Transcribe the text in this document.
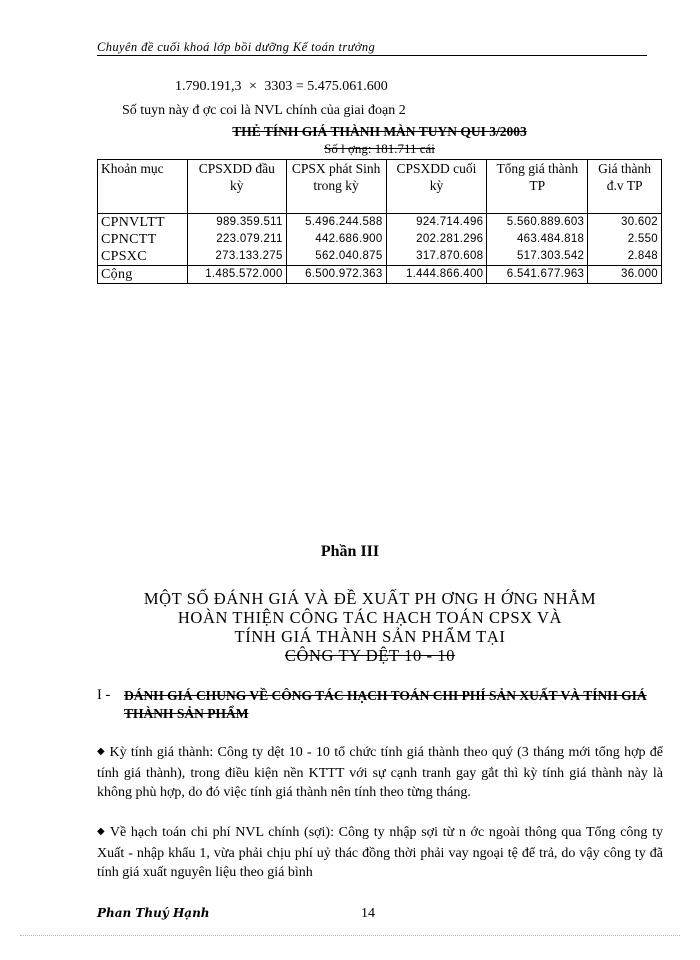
Chuyên đề cuối khoá lớp bồi dưỡng Kế toán trưởng
1.790.191,3 × 3303 = 5.475.061.600
Số tuyn này đ ợc coi là NVL chính của giai đoạn 2
THẺ TÍNH GIÁ THÀNH MÀN TUYN QUI 3/2003
Số l ợng: 181.711 cái
Khoản mục	CPSXDD đầu kỳ	CPSX phát Sinh trong kỳ	CPSXDD cuối kỳ	Tổng giá thành TP	Giá thành đ.v TP
CPNVLTT	989.359.511	5.496.244.588	924.714.496	5.560.889.603	30.602
CPNCTT	223.079.211	442.686.900	202.281.296	463.484.818	2.550
CPSXC	273.133.275	562.040.875	317.870.608	517.303.542	2.848
Cộng	1.485.572.000	6.500.972.363	1.444.866.400	6.541.677.963	36.000
Phần III
MỘT SỐ ĐÁNH GIÁ VÀ ĐỀ XUẤT PH ƠNG H ỚNG NHẰM
HOÀN THIỆN CÔNG TÁC HẠCH TOÁN CPSX VÀ
TÍNH GIÁ THÀNH SẢN PHẨM TẠI
CÔNG TY DỆT 10 - 10
I - ĐÁNH GIÁ CHUNG VỀ CÔNG TÁC HẠCH TOÁN CHI PHÍ SẢN XUẤT VÀ TÍNH GIÁ THÀNH SẢN PHẨM
◆ Kỳ tính giá thành: Công ty dệt 10 - 10 tổ chức tính giá thành theo quý (3 tháng mới tổng hợp để tính giá thành), trong điều kiện nền KTTT với sự cạnh tranh gay gắt thì kỳ tính giá thành này là không phù hợp, do đó việc tính giá thành nên tính theo từng tháng.
◆ Về hạch toán chi phí NVL chính (sợi): Công ty nhập sợi từ n ớc ngoài thông qua Tổng công ty Xuất - nhập khẩu 1, vừa phải chịu phí uỷ thác đồng thời phải vay ngoại tệ để trả, do vậy công ty đã tính giá xuất nguyên liệu theo giá bình
Phan Thuý Hạnh	14
